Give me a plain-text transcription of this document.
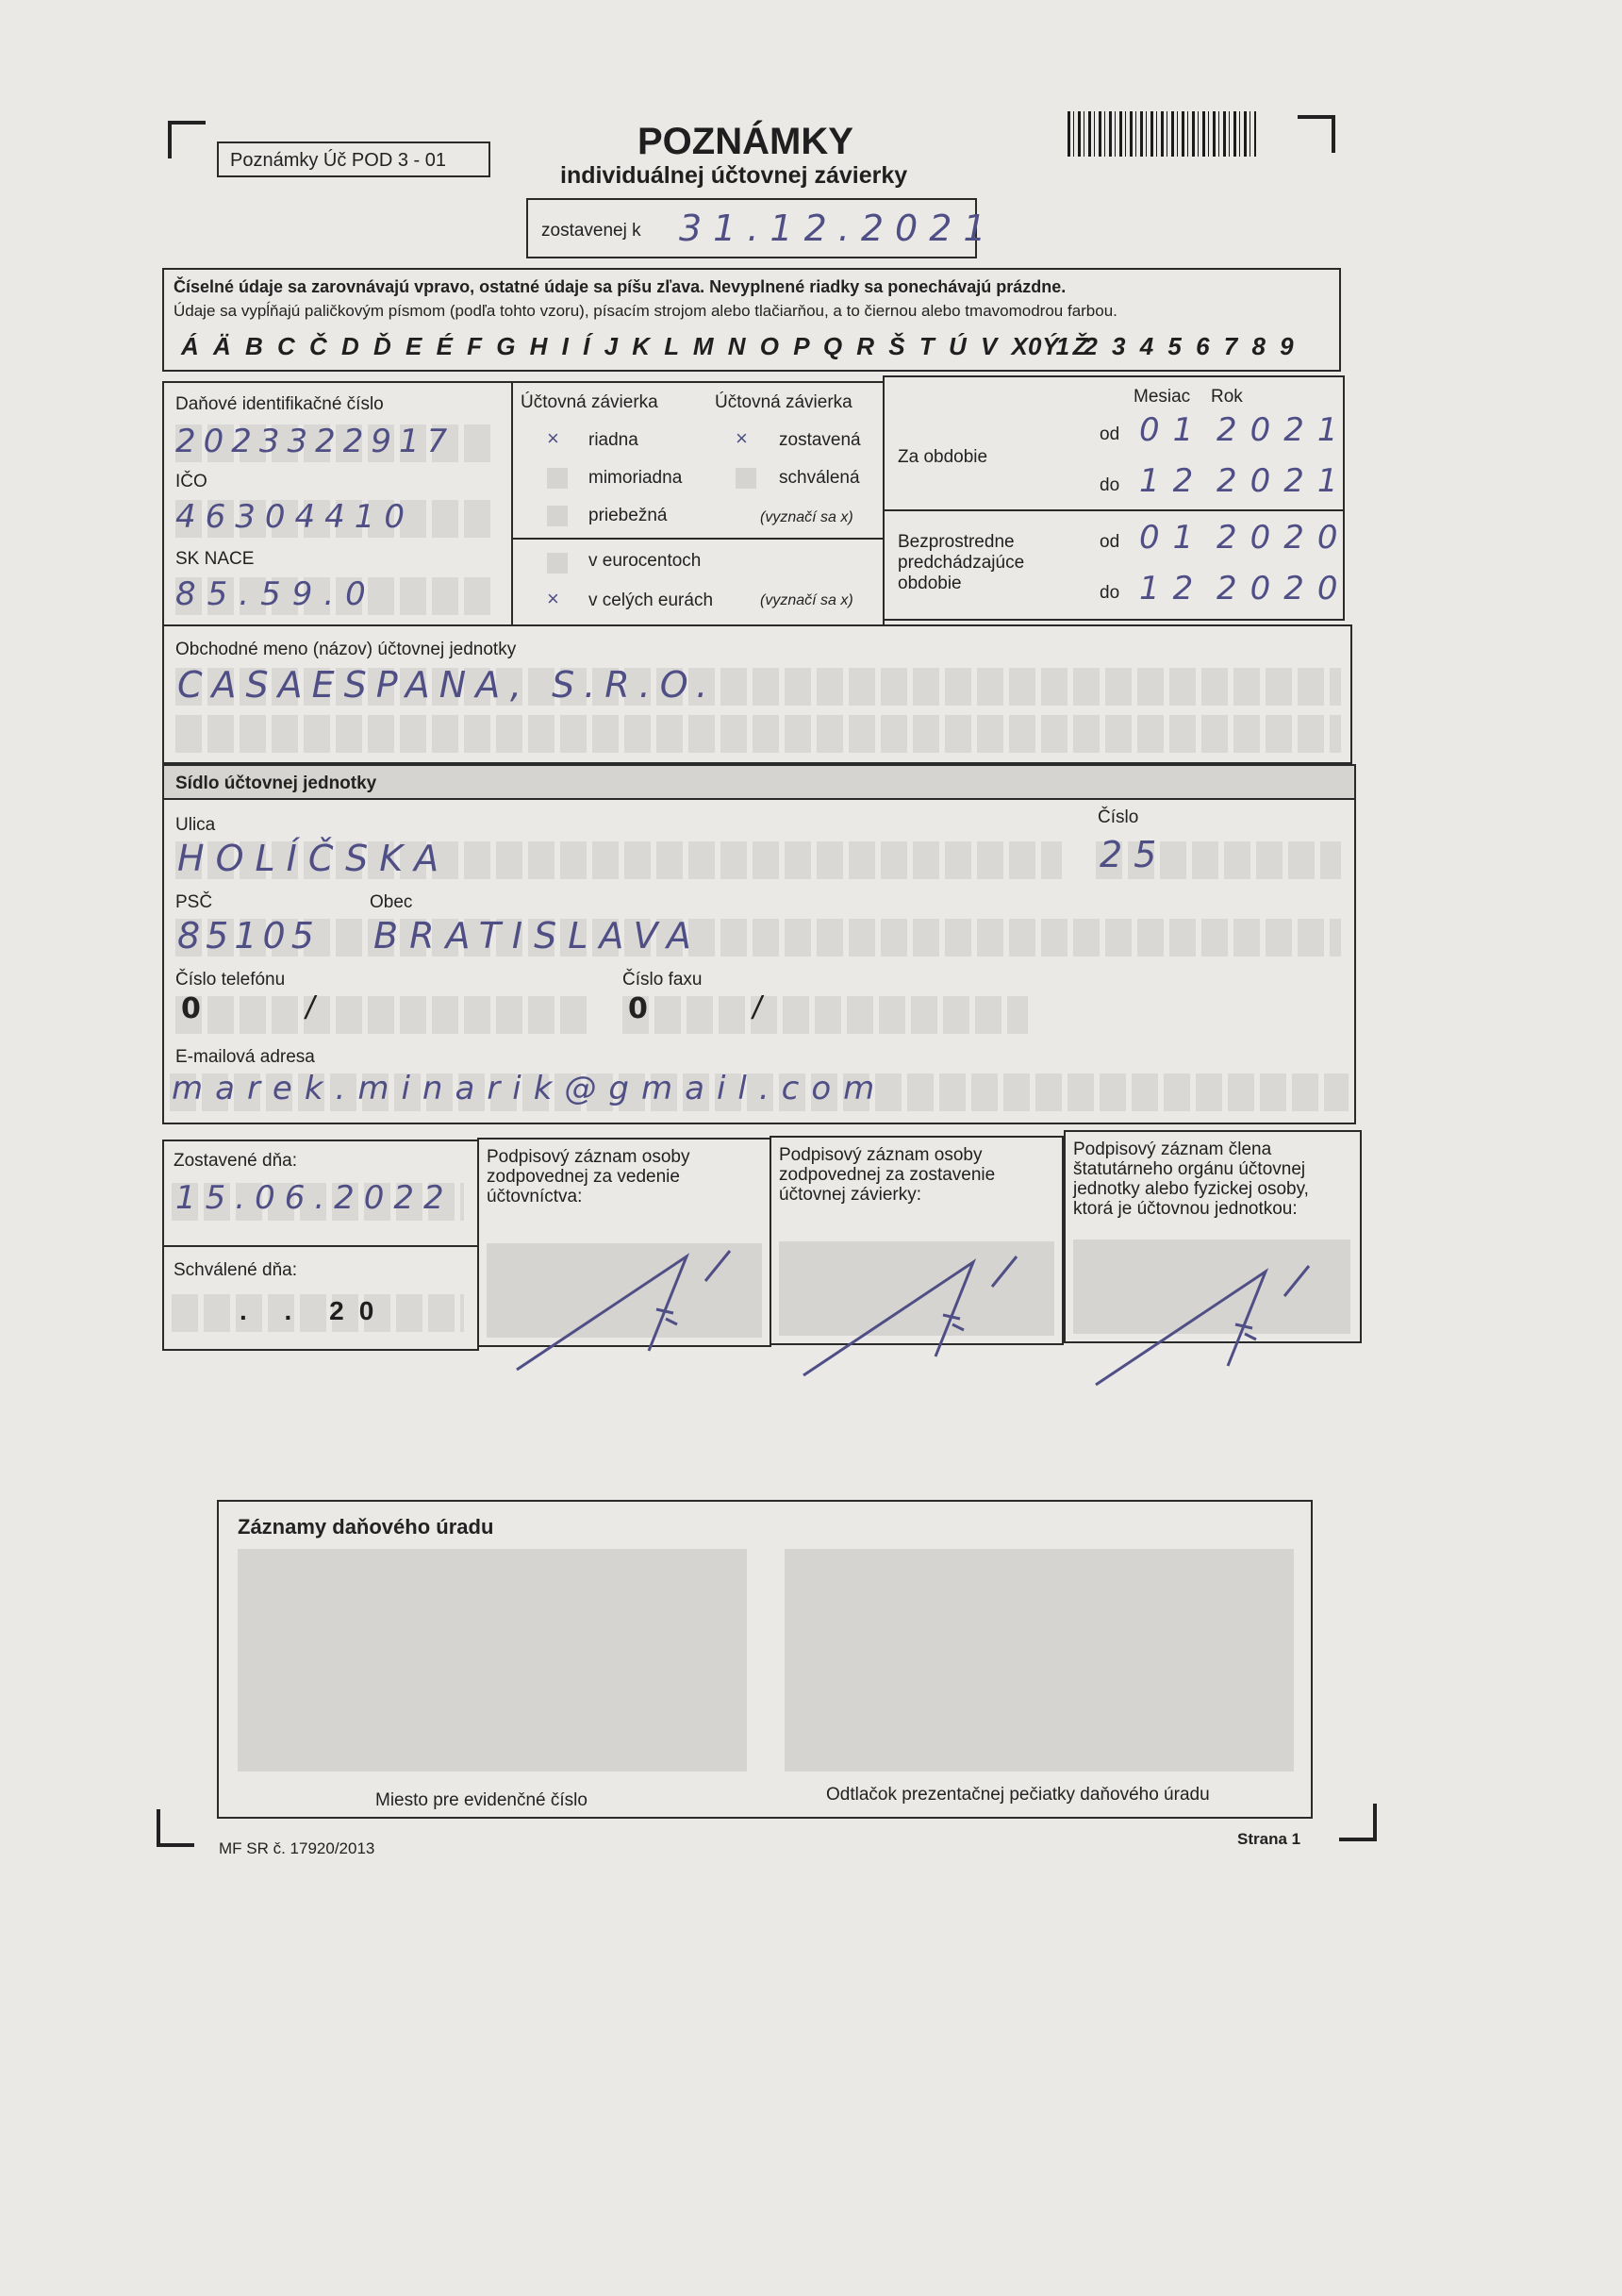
Poznámky Úč POD 3 - 01	POZNÁMKY
individuálnej účtovnej závierky
zostavenej k 31.12.2021
Číselné údaje sa zarovnávajú vpravo, ostatné údaje sa píšu zľava. Nevyplnené riadky sa ponechávajú prázdne.
Údaje sa vypĺňajú paličkovým písmom (podľa tohto vzoru), písacím strojom alebo tlačiarňou, a to čiernou alebo tmavomodrou farbou.
Á Ä B C Č D Ď E É F G H I Í J K L M N O P Q R Š T Ú V X Ý Ž
0 1 2 3 4 5 6 7 8 9
Daňové identifikačné číslo
2023322917
IČO
46304410
SK NACE
85.59.0
Účtovná závierka	Účtovná závierka
× riadna	× zostavená
mimoriadna	schválená
priebežná	(vyznačí sa x)
v eurocentoch
× v celých eurách	(vyznačí sa x)
Mesiac Rok
Za obdobie
od 01 2021
do 12 2021
Bezprostredne predchádzajúce obdobie
od 01 2020
do 12 2020
Obchodné meno (názov) účtovnej jednotky
CASAESPANA, S.R.O.
Sídlo účtovnej jednotky
Ulica
HOLÍČSKA
Číslo
25
PSČ	Obec
85105 BRATISLAVA
Číslo telefónu
0	/
Číslo faxu
0	/
E-mailová adresa
marek.minarik@gmail.com
Zostavené dňa:
15.06.2022
Schválené dňa:
. . 20
Podpisový záznam osoby zodpovednej za vedenie účtovníctva:
Podpisový záznam osoby zodpovednej za zostavenie účtovnej závierky:
Podpisový záznam člena štatutárneho orgánu účtovnej jednotky alebo fyzickej osoby, ktorá je účtovnou jednotkou:
Záznamy daňového úradu
Miesto pre evidenčné číslo	Odtlačok prezentačnej pečiatky daňového úradu
MF SR č. 17920/2013
Strana 1
